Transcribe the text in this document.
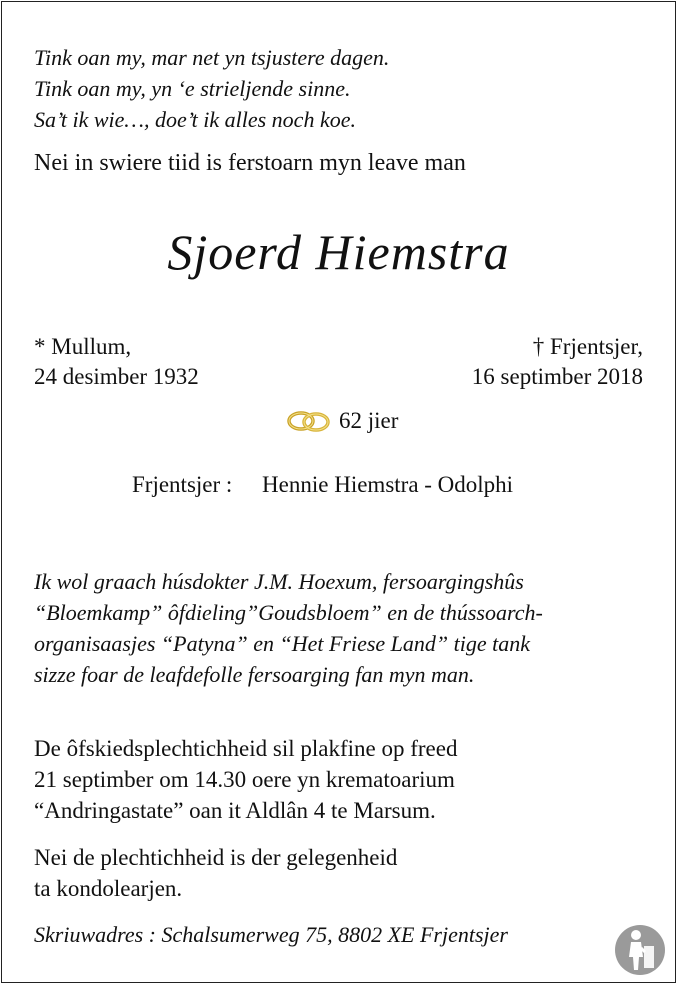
Tink oan my, mar net yn tsjustere dagen.
Tink oan my, yn ‘e strieljende sinne.
Sa’t ik wie…, doe’t ik alles noch koe.
Nei in swiere tiid is ferstoarn myn leave man
Sjoerd Hiemstra
* Mullum,
24 desimber 1932
† Frjentsjer,
16 septimber 2018
62 jier
Frjentsjer : Hennie Hiemstra - Odolphi
Ik wol graach húsdokter J.M. Hoexum, fersoargingshûs
“Bloemkamp” ôfdieling”Goudsbloem” en de thússoarch-
organisaasjes “Patyna” en “Het Friese Land” tige tank
sizze foar de leafdefolle fersoarging fan myn man.
De ôfskiedsplechtichheid sil plakfine op freed
21 septimber om 14.30 oere yn krematoarium
“Andringastate” oan it Aldlân 4 te Marsum.
Nei de plechtichheid is der gelegenheid
ta kondolearjen.
Skriuwadres : Schalsumerweg 75, 8802 XE Frjentsjer
